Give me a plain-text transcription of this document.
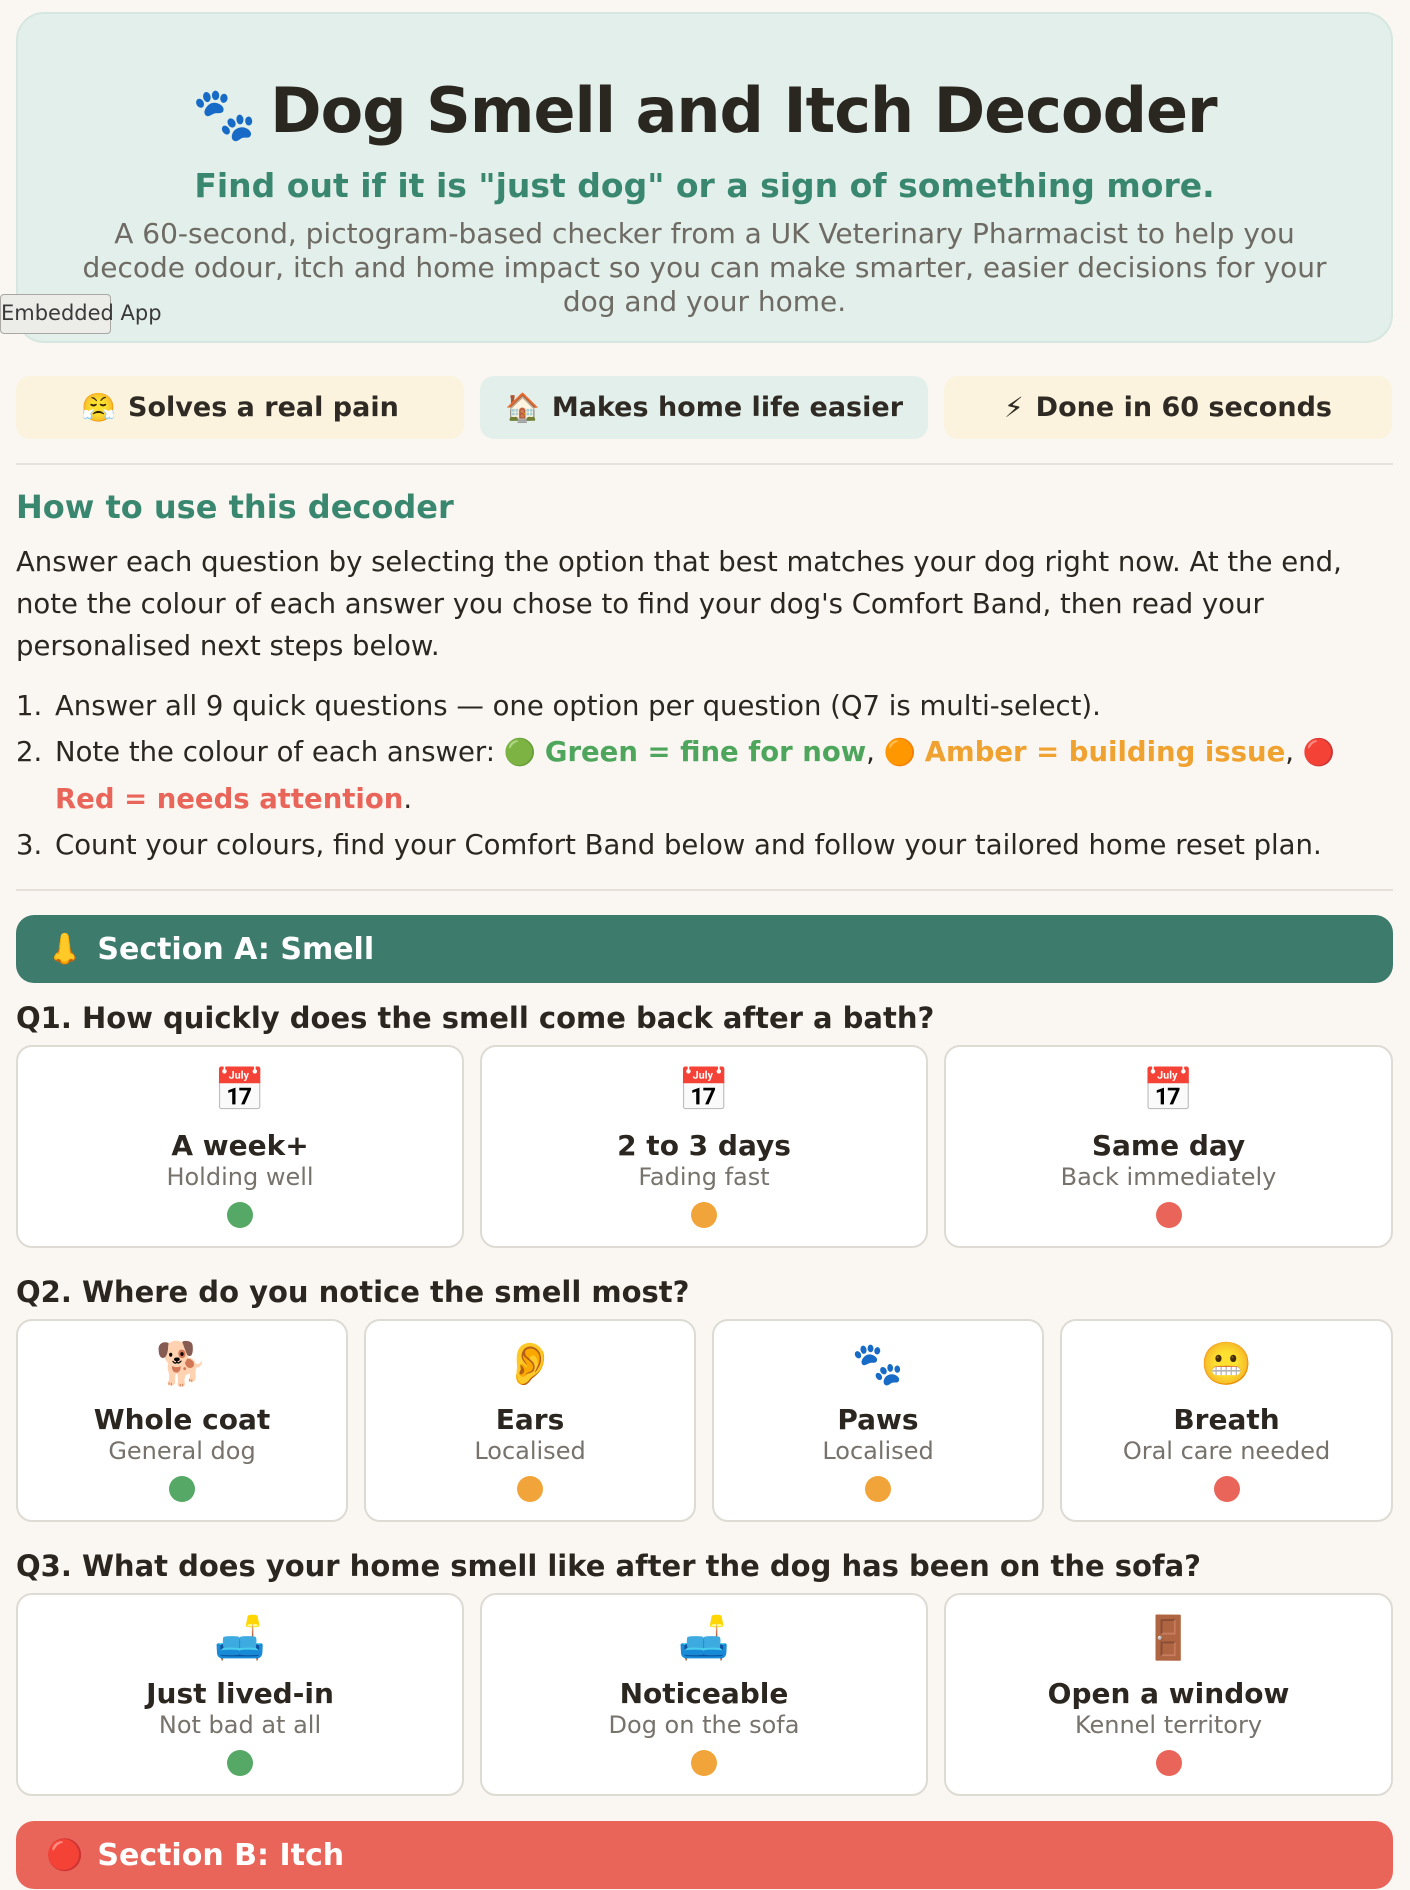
🐾 Dog Smell and Itch Decoder
Find out if it is "just dog" or a sign of something more.
A 60-second, pictogram-based checker from a UK Veterinary Pharmacist to help you decode odour, itch and home impact so you can make smarter, easier decisions for your dog and your home.
Embedded App
😤 Solves a real pain	🏠 Makes home life easier	⚡ Done in 60 seconds
How to use this decoder
Answer each question by selecting the option that best matches your dog right now. At the end, note the colour of each answer you chose to find your dog's Comfort Band, then read your personalised next steps below.
1. Answer all 9 quick questions — one option per question (Q7 is multi-select).
2. Note the colour of each answer: 🟢 Green = fine for now, 🟠 Amber = building issue, 🔴 Red = needs attention.
3. Count your colours, find your Comfort Band below and follow your tailored home reset plan.
👃 Section A: Smell
Q1. How quickly does the smell come back after a bath?
📅
A week+
Holding well
📅
2 to 3 days
Fading fast
📅
Same day
Back immediately
Q2. Where do you notice the smell most?
🐕
Whole coat
General dog
👂
Ears
Localised
🐾
Paws
Localised
😬
Breath
Oral care needed
Q3. What does your home smell like after the dog has been on the sofa?
🛋️
Just lived-in
Not bad at all
🛋️
Noticeable
Dog on the sofa
🚪
Open a window
Kennel territory
🔴 Section B: Itch
